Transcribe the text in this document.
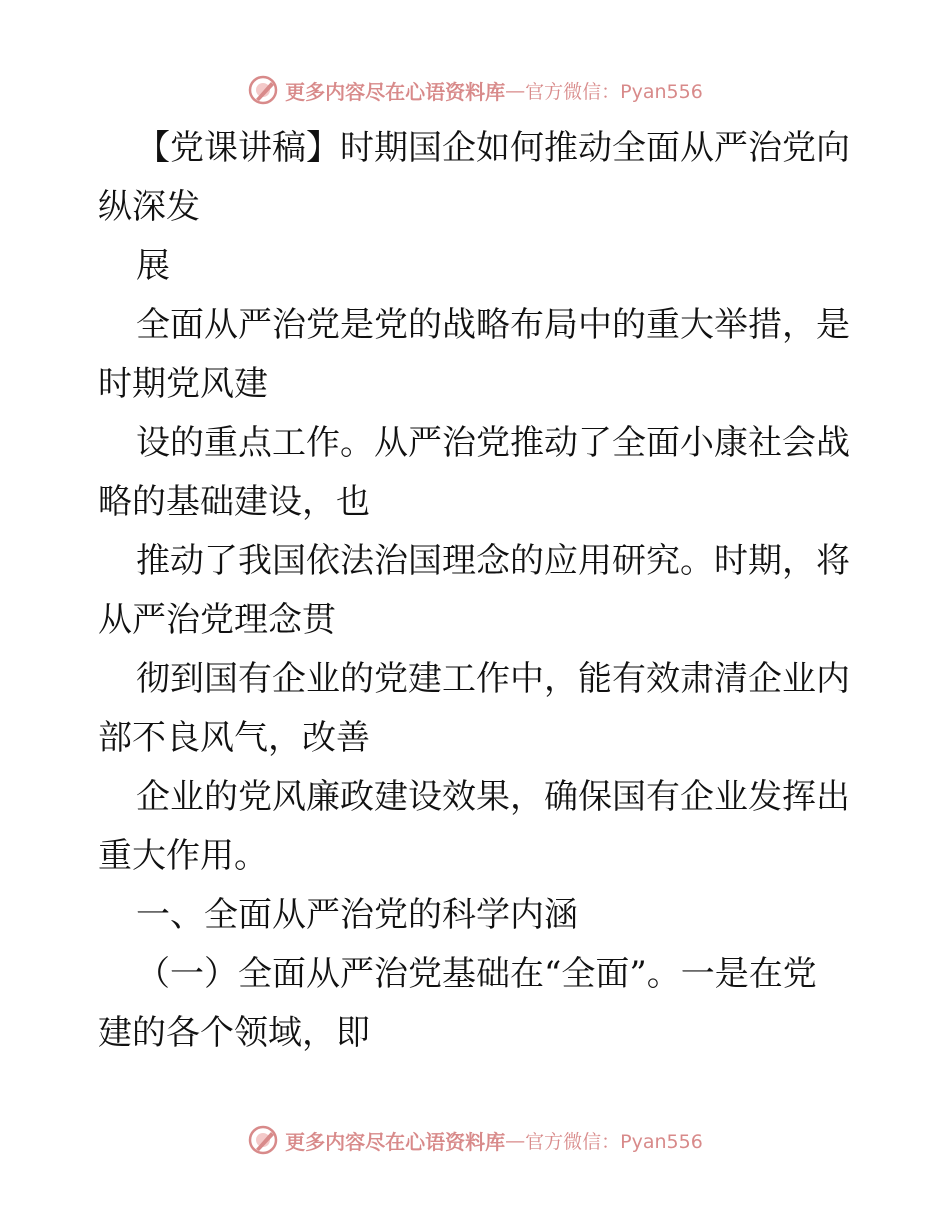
更多内容尽在心语资料库 — 官方微信：Pyan556

【党课讲稿】时期国企如何推动全面从严治党向

纵深发

展

全面从严治党是党的战略布局中的重大举措，是

时期党风建

设的重点工作。从严治党推动了全面小康社会战

略的基础建设，也

推动了我国依法治国理念的应用研究。时期，将

从严治党理念贯

彻到国有企业的党建工作中，能有效肃清企业内

部不良风气，改善

企业的党风廉政建设效果，确保国有企业发挥出

重大作用。

一、全面从严治党的科学内涵

（一）全面从严治党基础在“全面”。一是在党

建的各个领域，即

更多内容尽在心语资料库 — 官方微信：Pyan556
